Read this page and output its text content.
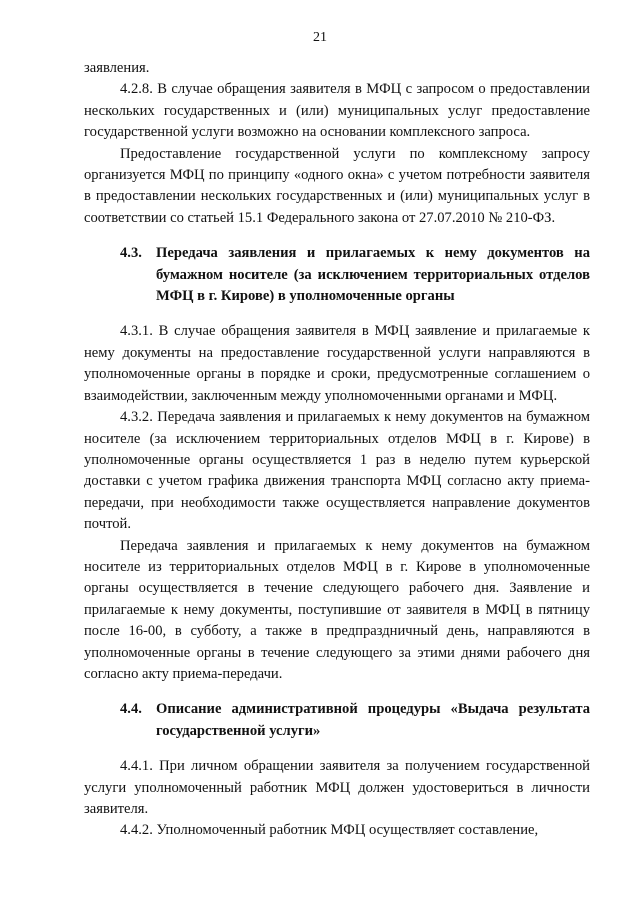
21

заявления.

4.2.8. В случае обращения заявителя в МФЦ с запросом о предоставлении нескольких государственных и (или) муниципальных услуг предоставление государственной услуги возможно на основании комплексного запроса.

Предоставление государственной услуги по комплексному запросу организуется МФЦ по принципу «одного окна» с учетом потребности заявителя в предоставлении нескольких государственных и (или) муниципальных услуг в соответствии со статьей 15.1 Федерального закона от 27.07.2010 № 210-ФЗ.

4.3. Передача заявления и прилагаемых к нему документов на бумажном носителе (за исключением территориальных отделов МФЦ в г. Кирове) в уполномоченные органы

4.3.1. В случае обращения заявителя в МФЦ заявление и прилагаемые к нему документы на предоставление государственной услуги направляются в уполномоченные органы в порядке и сроки, предусмотренные соглашением о взаимодействии, заключенным между уполномоченными органами и МФЦ.

4.3.2. Передача заявления и прилагаемых к нему документов на бумажном носителе (за исключением территориальных отделов МФЦ в г. Кирове) в уполномоченные органы осуществляется 1 раз в неделю путем курьерской доставки с учетом графика движения транспорта МФЦ согласно акту приема-передачи, при необходимости также осуществляется направление документов почтой.

Передача заявления и прилагаемых к нему документов на бумажном носителе из территориальных отделов МФЦ в г. Кирове в уполномоченные органы осуществляется в течение следующего рабочего дня. Заявление и прилагаемые к нему документы, поступившие от заявителя в МФЦ в пятницу после 16-00, в субботу, а также в предпраздничный день, направляются в уполномоченные органы в течение следующего за этими днями рабочего дня согласно акту приема-передачи.

4.4. Описание административной процедуры «Выдача результата государственной услуги»

4.4.1. При личном обращении заявителя за получением государственной услуги уполномоченный работник МФЦ должен удостовериться в личности заявителя.

4.4.2. Уполномоченный работник МФЦ осуществляет составление,
